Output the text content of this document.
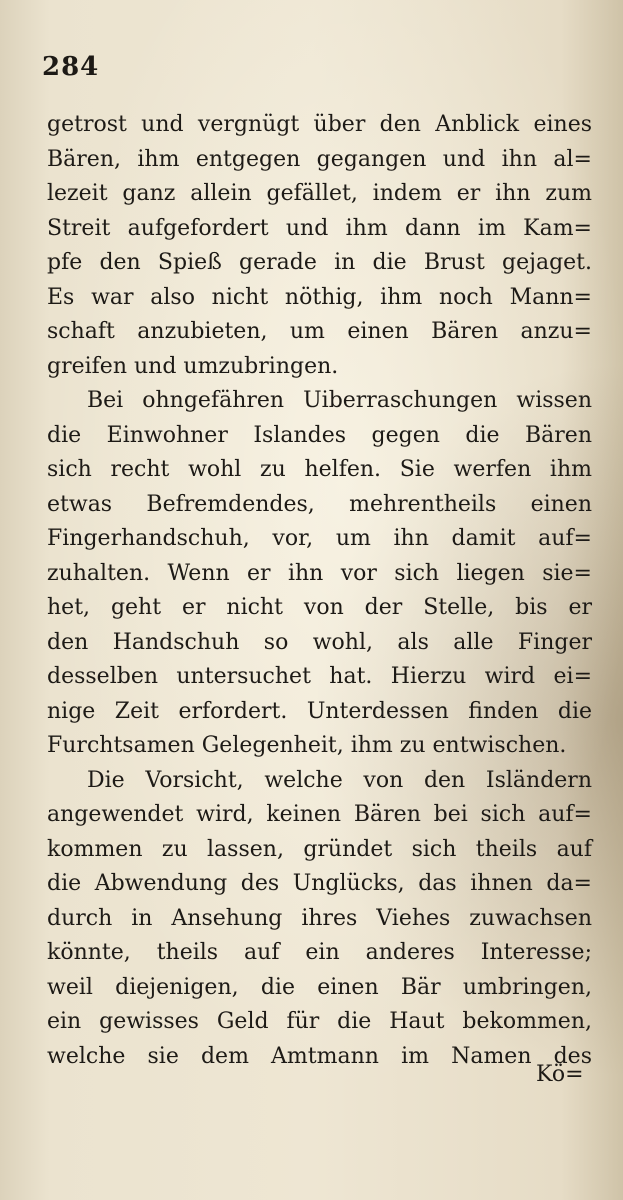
284
getrost und vergnügt über den Anblick eines
Bären, ihm entgegen gegangen und ihn al=
lezeit ganz allein gefället, indem er ihn zum
Streit aufgefordert und ihm dann im Kam=
pfe den Spieß gerade in die Brust gejaget.
Es war also nicht nöthig, ihm noch Mann=
schaft anzubieten, um einen Bären anzu=
greifen und umzubringen.
Bei ohngefähren Uiberraschungen wissen
die Einwohner Islandes gegen die Bären
sich recht wohl zu helfen. Sie werfen ihm
etwas Befremdendes, mehrentheils einen
Fingerhandschuh, vor, um ihn damit auf=
zuhalten. Wenn er ihn vor sich liegen sie=
het, geht er nicht von der Stelle, bis er
den Handschuh so wohl, als alle Finger
desselben untersuchet hat. Hierzu wird ei=
nige Zeit erfordert. Unterdessen finden die
Furchtsamen Gelegenheit, ihm zu entwischen.
Die Vorsicht, welche von den Isländern
angewendet wird, keinen Bären bei sich auf=
kommen zu lassen, gründet sich theils auf
die Abwendung des Unglücks, das ihnen da=
durch in Ansehung ihres Viehes zuwachsen
könnte, theils auf ein anderes Interesse;
weil diejenigen, die einen Bär umbringen,
ein gewisses Geld für die Haut bekommen,
welche sie dem Amtmann im Namen des
Kö=
